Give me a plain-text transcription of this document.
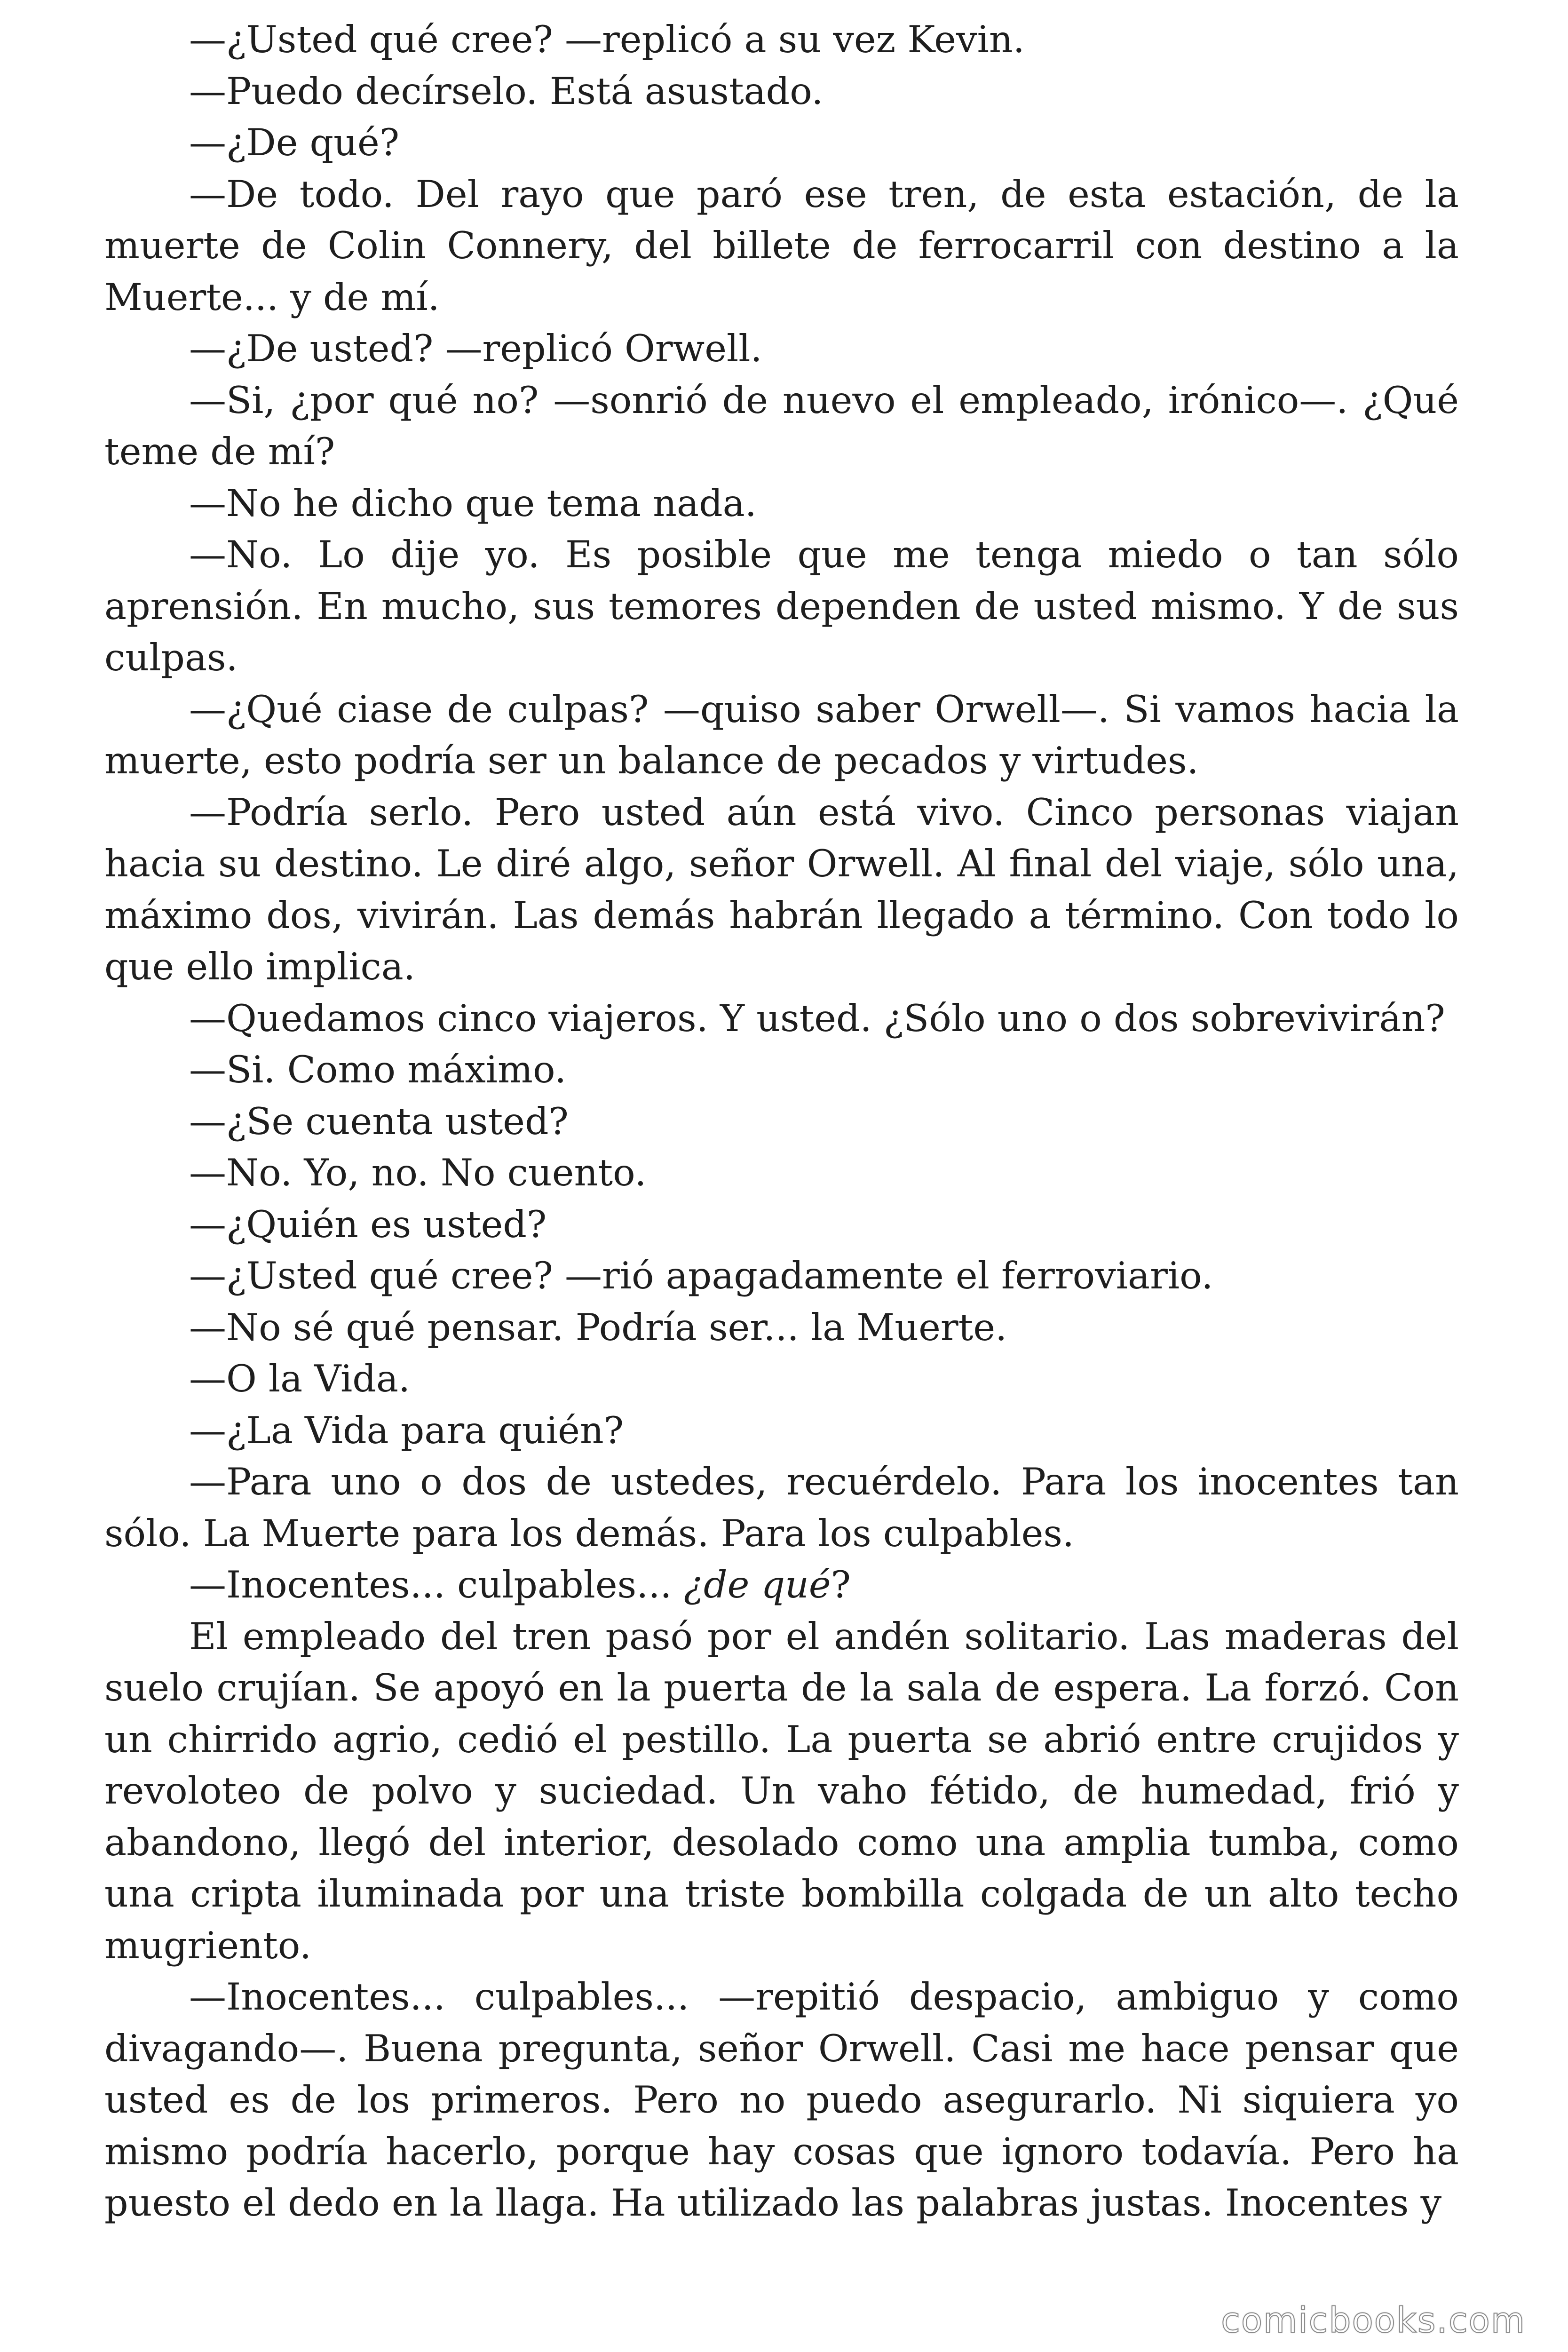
—¿Usted qué cree? —replicó a su vez Kevin.

—Puedo decírselo. Está asustado.

—¿De qué?

—De todo. Del rayo que paró ese tren, de esta estación, de la muerte de Colin Connery, del billete de ferrocarril con destino a la Muerte... y de mí.

—¿De usted? —replicó Orwell.

—Si, ¿por qué no? —sonrió de nuevo el empleado, irónico—. ¿Qué teme de mí?

—No he dicho que tema nada.

—No. Lo dije yo. Es posible que me tenga miedo o tan sólo aprensión. En mucho, sus temores dependen de usted mismo. Y de sus culpas.

—¿Qué ciase de culpas? —quiso saber Orwell—. Si vamos hacia la muerte, esto podría ser un balance de pecados y virtudes.

—Podría serlo. Pero usted aún está vivo. Cinco personas viajan hacia su destino. Le diré algo, señor Orwell. Al final del viaje, sólo una, máximo dos, vivirán. Las demás habrán llegado a término. Con todo lo que ello implica.

—Quedamos cinco viajeros. Y usted. ¿Sólo uno o dos sobrevivirán?

—Si. Como máximo.

—¿Se cuenta usted?

—No. Yo, no. No cuento.

—¿Quién es usted?

—¿Usted qué cree? —rió apagadamente el ferroviario.

—No sé qué pensar. Podría ser... la Muerte.

—O la Vida.

—¿La Vida para quién?

—Para uno o dos de ustedes, recuérdelo. Para los inocentes tan sólo. La Muerte para los demás. Para los culpables.

—Inocentes... culpables... ¿de qué?

El empleado del tren pasó por el andén solitario. Las maderas del suelo crujían. Se apoyó en la puerta de la sala de espera. La forzó. Con un chirrido agrio, cedió el pestillo. La puerta se abrió entre crujidos y revoloteo de polvo y suciedad. Un vaho fétido, de humedad, frió y abandono, llegó del interior, desolado como una amplia tumba, como una cripta iluminada por una triste bombilla colgada de un alto techo mugriento.

—Inocentes... culpables... —repitió despacio, ambiguo y como divagando—. Buena pregunta, señor Orwell. Casi me hace pensar que usted es de los primeros. Pero no puedo asegurarlo. Ni siquiera yo mismo podría hacerlo, porque hay cosas que ignoro todavía. Pero ha puesto el dedo en la llaga. Ha utilizado las palabras justas. Inocentes y

comicbooks.com
